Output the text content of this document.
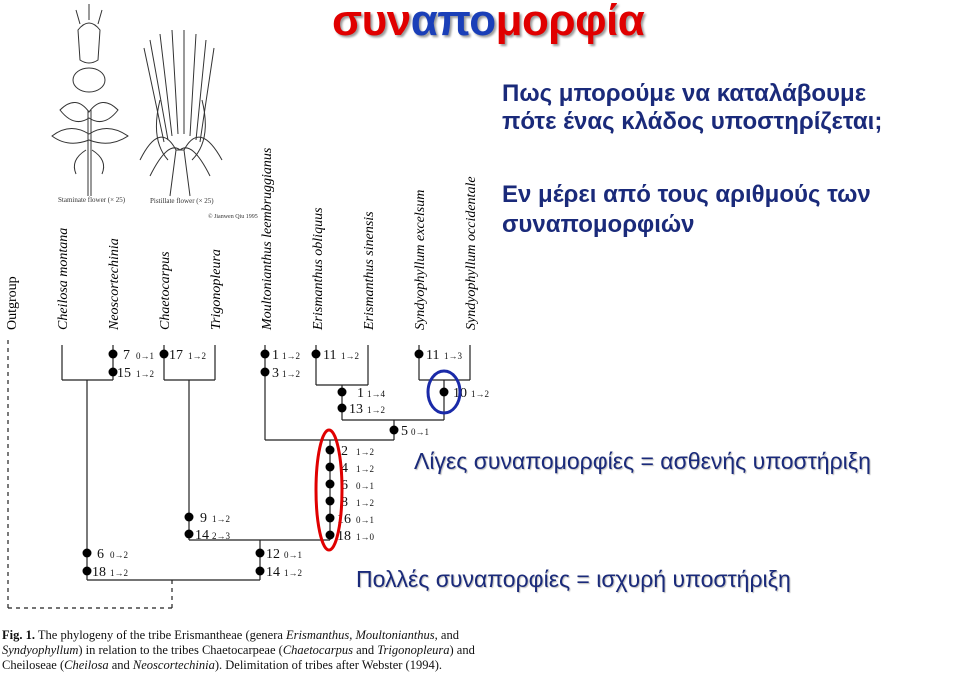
συναπομορφία
Πως μπορούμε να καταλάβουμε
πότε ένας κλάδος υποστηρίζεται;
Εν μέρει από τους αριθμούς των
συναπομορφιών
Staminate flower (× 25)	Pistillate flower (× 25)
© Jianwen Qiu 1995
Outgroup	Cheilosa montana	Neoscortechinia	Chaetocarpus	Trigonopleura	Moultonianthus leembruggianus	Erismanthus obliquus	Erismanthus sinensis	Syndyophyllum excelsum	Syndyophyllum occidentale
7 0→1
15 1→2
17 1→2	1 1→2
3 1→2
11 1→2	11 1→3
1 1→4
13 1→2
10 1→2
5 0→1
2 1→2
4 1→2
6 0→1
8 1→2
16 0→1
18 1→0
9 1→2
14 2→3
12 0→1
14 1→2
6 0→2
18 1→2
Λίγες συναπομορφίες = ασθενής υποστήριξη
Πολλές συναπορφίες = ισχυρή υποστήριξη
Fig. 1. The phylogeny of the tribe Erismantheae (genera Erismanthus, Moultonianthus, and Syndyophyllum) in relation to the tribes Chaetocarpeae (Chaetocarpus and Trigonopleura) and Cheiloseae (Cheilosa and Neoscortechinia). Delimitation of tribes after Webster (1994).
